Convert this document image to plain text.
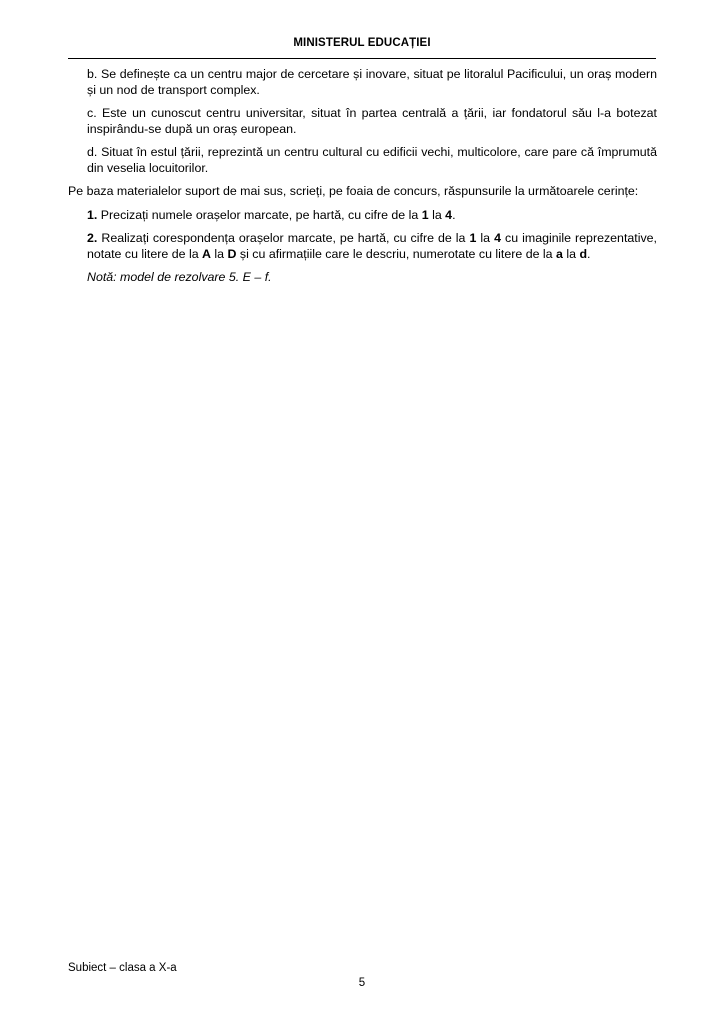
MINISTERUL EDUCAȚIEI

b. Se definește ca un centru major de cercetare și inovare, situat pe litoralul Pacificului, un oraș modern și un nod de transport complex.

c. Este un cunoscut centru universitar, situat în partea centrală a țării, iar fondatorul său l-a botezat inspirându-se după un oraș european.

d. Situat în estul țării, reprezintă un centru cultural cu edificii vechi, multicolore, care pare că împrumută din veselia locuitorilor.

Pe baza materialelor suport de mai sus, scrieți, pe foaia de concurs, răspunsurile la următoarele cerințe:

1. Precizați numele orașelor marcate, pe hartă, cu cifre de la 1 la 4.

2. Realizați corespondența orașelor marcate, pe hartă, cu cifre de la 1 la 4 cu imaginile reprezentative, notate cu litere de la A la D și cu afirmațiile care le descriu, numerotate cu litere de la a la d.

Notă: model de rezolvare 5. E – f.

Subiect – clasa a X-a
5
